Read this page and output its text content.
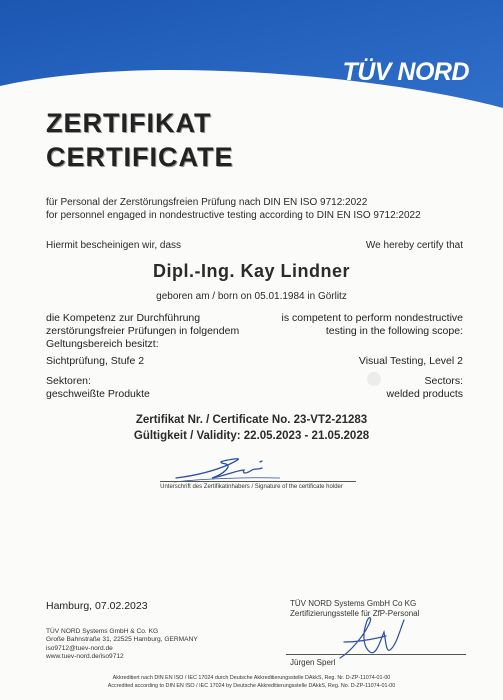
TÜV NORD
ZERTIFIKAT
CERTIFICATE
für Personal der Zerstörungsfreien Prüfung nach DIN EN ISO 9712:2022
for personnel engaged in nondestructive testing according to DIN EN ISO 9712:2022
Hiermit bescheinigen wir, dass	We hereby certify that
Dipl.-Ing. Kay Lindner
geboren am / born on 05.01.1984 in Görlitz
die Kompetenz zur Durchführung
zerstörungsfreier Prüfungen in folgendem
Geltungsbereich besitzt:
is competent to perform nondestructive
testing in the following scope:
Sichtprüfung, Stufe 2	Visual Testing, Level 2
Sektoren:	Sectors:
geschweißte Produkte	welded products
Zertifikat Nr. / Certificate No. 23-VT2-21283
Gültigkeit / Validity: 22.05.2023 - 21.05.2028
Unterschrift des Zertifikatinhabers / Signature of the certificate holder
Hamburg, 07.02.2023	TÜV NORD Systems GmbH Co KG
Zertifizierungsstelle für ZfP-Personal
Jürgen Sperl
TÜV NORD Systems GmbH & Co. KG
Große Bahnstraße 31, 22525 Hamburg, GERMANY
iso9712@tuev-nord.de
www.tuev-nord.de/iso9712
Akkreditiert nach DIN EN ISO / IEC 17024 durch Deutsche Akkreditierungsstelle DAkkS, Reg. Nr. D-ZP-11074-01-00
Accredited according to DIN EN ISO / IEC 17024 by Deutsche Akkreditierungsstelle DAkkS, Reg. No. D-ZP-11074-01-00
